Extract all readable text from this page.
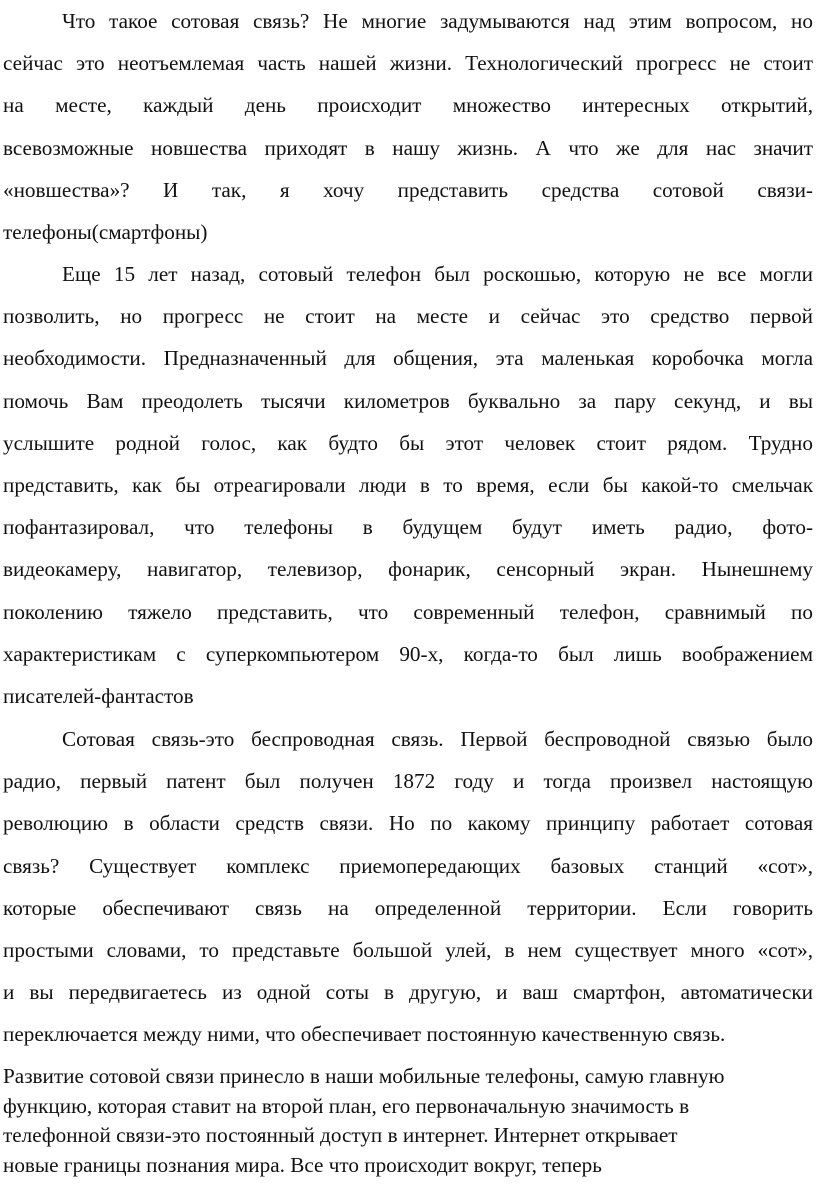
Что такое сотовая связь? Не многие задумываются над этим вопросом, но
сейчас это неотъемлемая часть нашей жизни. Технологический прогресс не стоит
на месте, каждый день происходит множество интересных открытий,
всевозможные новшества приходят в нашу жизнь. А что же для нас значит
«новшества»? И так, я хочу представить средства сотовой связи-
телефоны(смартфоны)

Еще 15 лет назад, сотовый телефон был роскошью, которую не все могли
позволить, но прогресс не стоит на месте и сейчас это средство первой
необходимости. Предназначенный для общения, эта маленькая коробочка могла
помочь Вам преодолеть тысячи километров буквально за пару секунд, и вы
услышите родной голос, как будто бы этот человек стоит рядом. Трудно
представить, как бы отреагировали люди в то время, если бы какой-то смельчак
пофантазировал, что телефоны в будущем будут иметь радио, фото-
видеокамеру, навигатор, телевизор, фонарик, сенсорный экран. Нынешнему
поколению тяжело представить, что современный телефон, сравнимый по
характеристикам с суперкомпьютером 90-х, когда-то был лишь воображением
писателей-фантастов

Сотовая связь-это беспроводная связь. Первой беспроводной связью было
радио, первый патент был получен 1872 году и тогда произвел настоящую
революцию в области средств связи. Но по какому принципу работает сотовая
связь? Существует комплекс приемопередающих базовых станций «сот»,
которые обеспечивают связь на определенной территории. Если говорить
простыми словами, то представьте большой улей, в нем существует много «сот»,
и вы передвигаетесь из одной соты в другую, и ваш смартфон, автоматически
переключается между ними, что обеспечивает постоянную качественную связь.

Развитие сотовой связи принесло в наши мобильные телефоны, самую главную
функцию, которая ставит на второй план, его первоначальную значимость в
телефонной связи-это постоянный доступ в интернет. Интернет открывает
новые границы познания мира. Все что происходит вокруг, теперь
